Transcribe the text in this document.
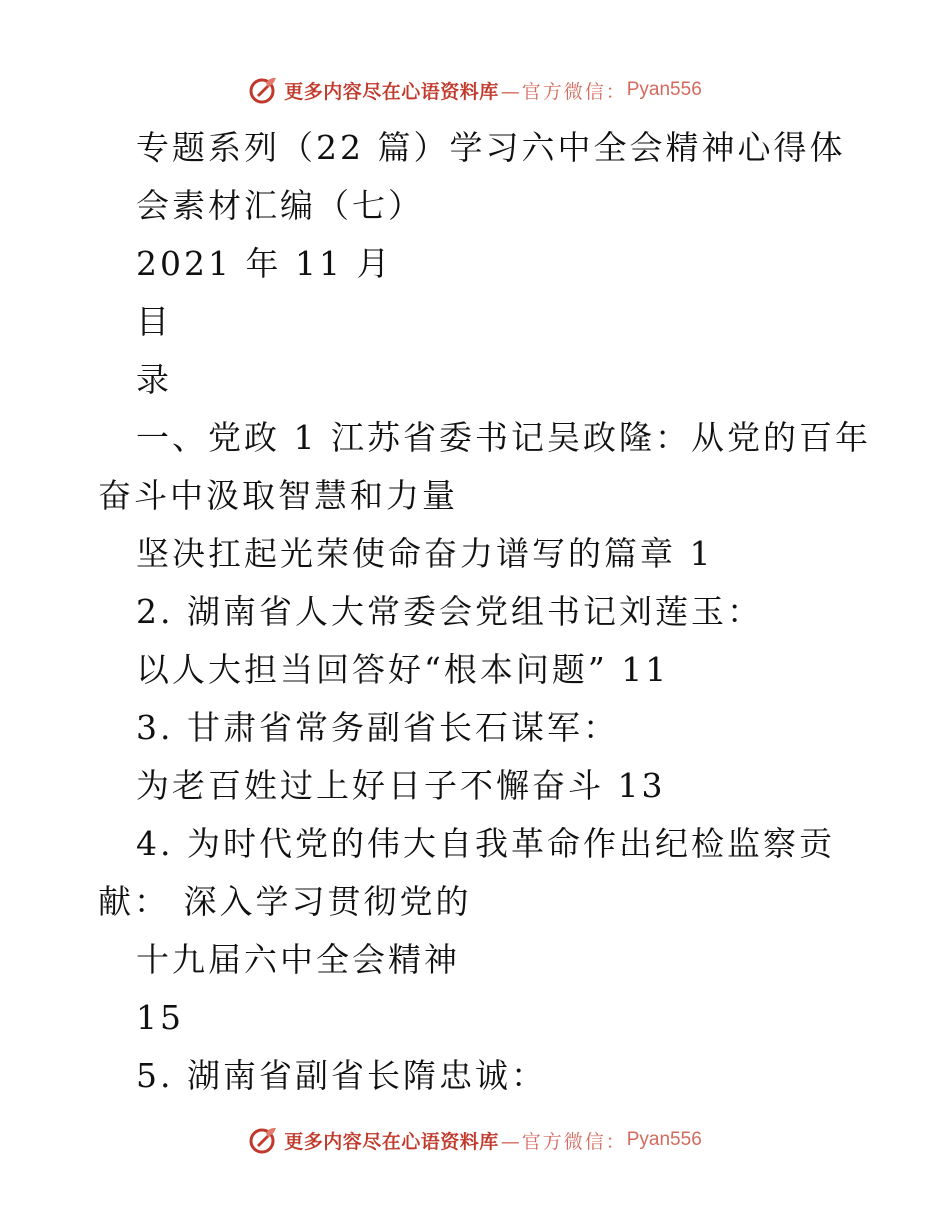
更多内容尽在心语资料库 —官方微信： Pyan556
专题系列（22 篇）学习六中全会精神心得体
会素材汇编（七）
2021 年 11 月
目
录
一、党政 1 江苏省委书记吴政隆：从党的百年
奋斗中汲取智慧和力量
坚决扛起光荣使命奋力谱写的篇章 1
2. 湖南省人大常委会党组书记刘莲玉：
以人大担当回答好“根本问题” 11
3. 甘肃省常务副省长石谋军：
为老百姓过上好日子不懈奋斗 13
4. 为时代党的伟大自我革命作出纪检监察贡
献： 深入学习贯彻党的
十九届六中全会精神
15
5. 湖南省副省长隋忠诚：
更多内容尽在心语资料库 —官方微信： Pyan556
